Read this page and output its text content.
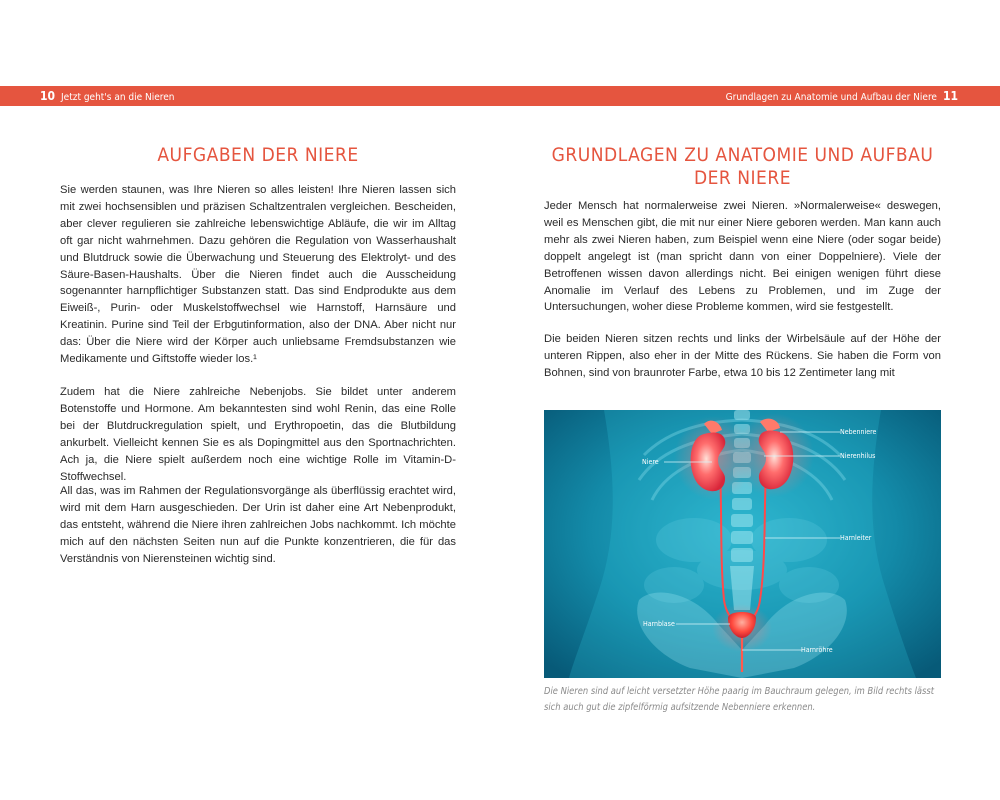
10 Jetzt geht's an die Nieren	Grundlagen zu Anatomie und Aufbau der Niere 11
AUFGABEN DER NIERE

Sie werden staunen, was Ihre Nieren so alles leisten! Ihre Nieren lassen sich mit zwei hochsensiblen und präzisen Schaltzentralen vergleichen. Bescheiden, aber clever regulieren sie zahlreiche lebenswichtige Abläufe, die wir im Alltag oft gar nicht wahrnehmen. Dazu gehören die Regulation von Wasserhaushalt und Blutdruck sowie die Überwachung und Steuerung des Elektrolyt- und des Säure-Basen-Haushalts. Über die Nieren findet auch die Ausscheidung sogenannter harnpflichtiger Substanzen statt. Das sind Endprodukte aus dem Eiweiß-, Purin- oder Muskelstoffwechsel wie Harnstoff, Harnsäure und Kreatinin. Purine sind Teil der Erbgutinformation, also der DNA. Aber nicht nur das: Über die Niere wird der Körper auch unliebsame Fremdsubstanzen wie Medikamente und Giftstoffe wieder los.¹

Zudem hat die Niere zahlreiche Nebenjobs. Sie bildet unter anderem Botenstoffe und Hormone. Am bekanntesten sind wohl Renin, das eine Rolle bei der Blutdruckregulation spielt, und Erythropoetin, das die Blutbildung ankurbelt. Vielleicht kennen Sie es als Dopingmittel aus den Sportnachrichten. Ach ja, die Niere spielt außerdem noch eine wichtige Rolle im Vitamin-D-Stoffwechsel.

All das, was im Rahmen der Regulationsvorgänge als überflüssig erachtet wird, wird mit dem Harn ausgeschieden. Der Urin ist daher eine Art Nebenprodukt, das entsteht, während die Niere ihren zahlreichen Jobs nachkommt. Ich möchte mich auf den nächsten Seiten nun auf die Punkte konzentrieren, die für das Verständnis von Nierensteinen wichtig sind.

GRUNDLAGEN ZU ANATOMIE UND AUFBAU
DER NIERE

Jeder Mensch hat normalerweise zwei Nieren. »Normalerweise« deswegen, weil es Menschen gibt, die mit nur einer Niere geboren werden. Man kann auch mehr als zwei Nieren haben, zum Beispiel wenn eine Niere (oder sogar beide) doppelt angelegt ist (man spricht dann von einer Doppelniere). Viele der Betroffenen wissen davon allerdings nicht. Bei einigen wenigen führt diese Anomalie im Verlauf des Lebens zu Problemen, und im Zuge der Untersuchungen, woher diese Probleme kommen, wird sie festgestellt.

Die beiden Nieren sitzen rechts und links der Wirbelsäule auf der Höhe der unteren Rippen, also eher in der Mitte des Rückens. Sie haben die Form von Bohnen, sind von braunroter Farbe, etwa 10 bis 12 Zentimeter lang mit

Nebenniere
Niere
Nierenhilus
Harnleiter
Harnblase
Harnröhre

Die Nieren sind auf leicht versetzter Höhe paarig im Bauchraum gelegen, im Bild rechts lässt sich auch gut die zipfelförmig aufsitzende Nebenniere erkennen.
